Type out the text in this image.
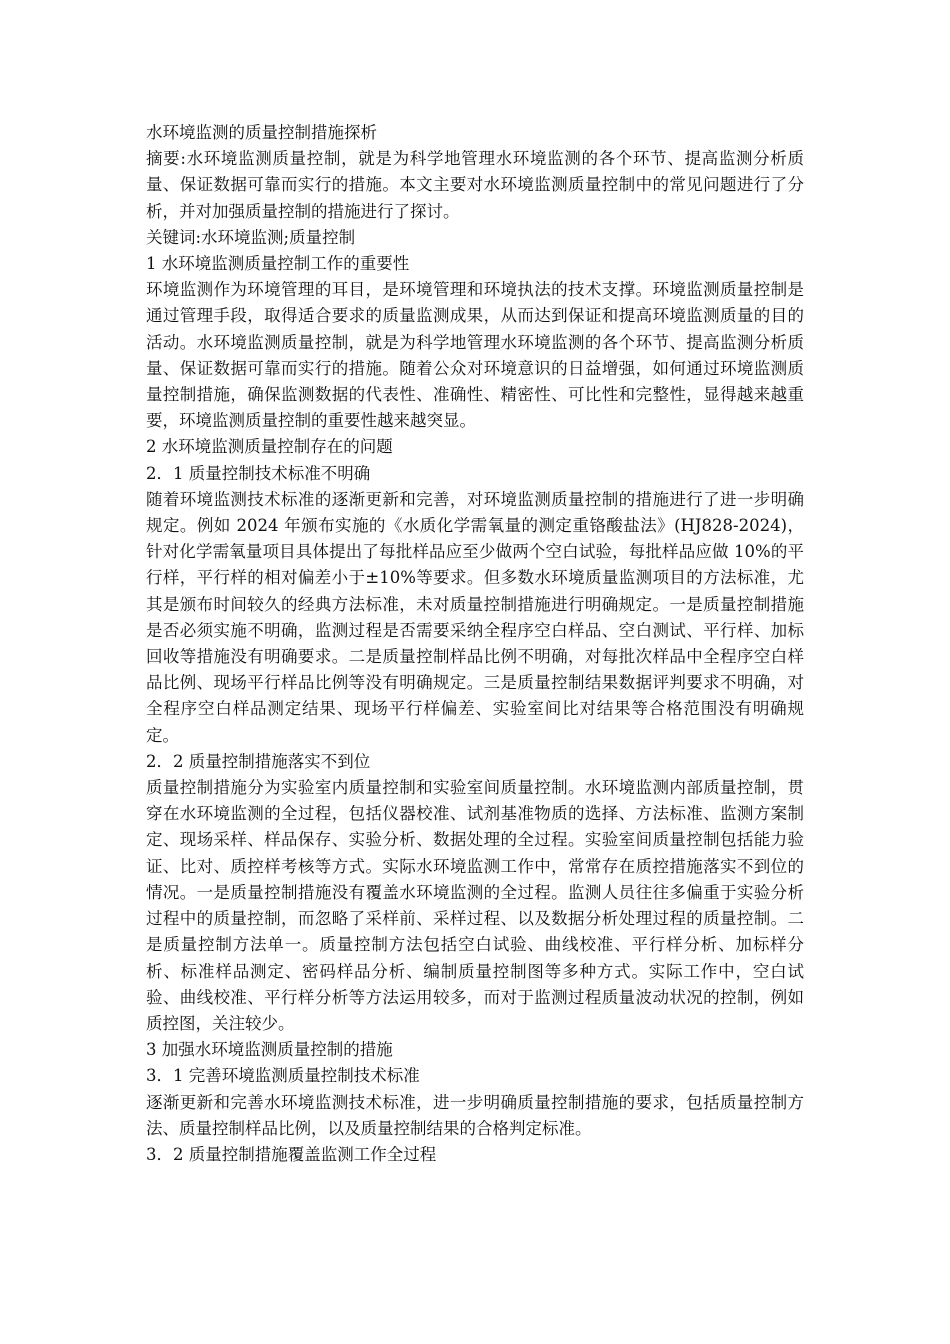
水环境监测的质量控制措施探析

摘要:水环境监测质量控制，就是为科学地管理水环境监测的各个环节、提高监测分析质量、保证数据可靠而实行的措施。本文主要对水环境监测质量控制中的常见问题进行了分析，并对加强质量控制的措施进行了探讨。

关键词:水环境监测;质量控制

1 水环境监测质量控制工作的重要性

环境监测作为环境管理的耳目，是环境管理和环境执法的技术支撑。环境监测质量控制是通过管理手段，取得适合要求的质量监测成果，从而达到保证和提高环境监测质量的目的活动。水环境监测质量控制，就是为科学地管理水环境监测的各个环节、提高监测分析质量、保证数据可靠而实行的措施。随着公众对环境意识的日益增强，如何通过环境监测质量控制措施，确保监测数据的代表性、准确性、精密性、可比性和完整性，显得越来越重要，环境监测质量控制的重要性越来越突显。

2 水环境监测质量控制存在的问题

2．1 质量控制技术标准不明确

随着环境监测技术标准的逐渐更新和完善，对环境监测质量控制的措施进行了进一步明确规定。例如 2024 年颁布实施的《水质化学需氧量的测定重铬酸盐法》(HJ828-2024)，针对化学需氧量项目具体提出了每批样品应至少做两个空白试验，每批样品应做 10%的平行样，平行样的相对偏差小于±10%等要求。但多数水环境质量监测项目的方法标准，尤其是颁布时间较久的经典方法标准，未对质量控制措施进行明确规定。一是质量控制措施是否必须实施不明确，监测过程是否需要采纳全程序空白样品、空白测试、平行样、加标回收等措施没有明确要求。二是质量控制样品比例不明确，对每批次样品中全程序空白样品比例、现场平行样品比例等没有明确规定。三是质量控制结果数据评判要求不明确，对全程序空白样品测定结果、现场平行样偏差、实验室间比对结果等合格范围没有明确规定。

2．2 质量控制措施落实不到位

质量控制措施分为实验室内质量控制和实验室间质量控制。水环境监测内部质量控制，贯穿在水环境监测的全过程，包括仪器校准、试剂基准物质的选择、方法标准、监测方案制定、现场采样、样品保存、实验分析、数据处理的全过程。实验室间质量控制包括能力验证、比对、质控样考核等方式。实际水环境监测工作中，常常存在质控措施落实不到位的情况。一是质量控制措施没有覆盖水环境监测的全过程。监测人员往往多偏重于实验分析过程中的质量控制，而忽略了采样前、采样过程、以及数据分析处理过程的质量控制。二是质量控制方法单一。质量控制方法包括空白试验、曲线校准、平行样分析、加标样分析、标准样品测定、密码样品分析、编制质量控制图等多种方式。实际工作中，空白试验、曲线校准、平行样分析等方法运用较多，而对于监测过程质量波动状况的控制，例如质控图，关注较少。

3 加强水环境监测质量控制的措施

3．1 完善环境监测质量控制技术标准

逐渐更新和完善水环境监测技术标准，进一步明确质量控制措施的要求，包括质量控制方法、质量控制样品比例，以及质量控制结果的合格判定标准。

3．2 质量控制措施覆盖监测工作全过程
